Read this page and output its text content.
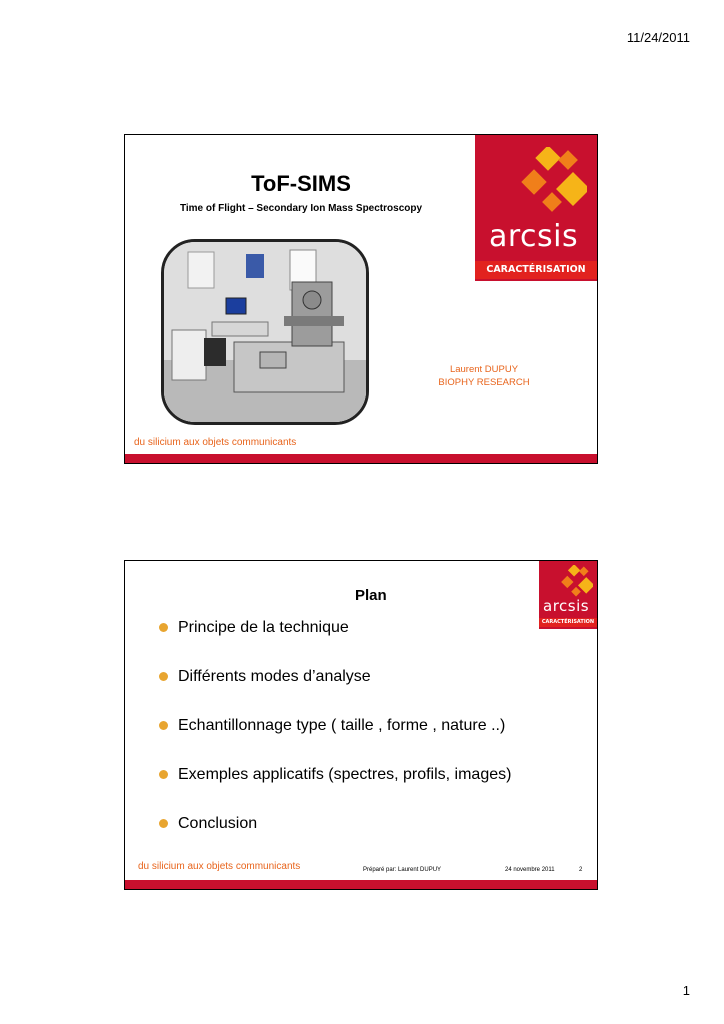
11/24/2011
arcsis
CARACTÉRISATION
ToF-SIMS
Time of Flight – Secondary Ion Mass Spectroscopy
Laurent DUPUY
BIOPHY RESEARCH
du silicium aux objets communicants
arcsis
CARACTÉRISATION
Plan
Principe de la technique
Différents modes d’analyse
Echantillonnage type ( taille , forme , nature ..)
Exemples applicatifs (spectres, profils, images)
Conclusion
du silicium aux objets communicants	Préparé par: Laurent DUPUY	24 novembre 2011	2
1
